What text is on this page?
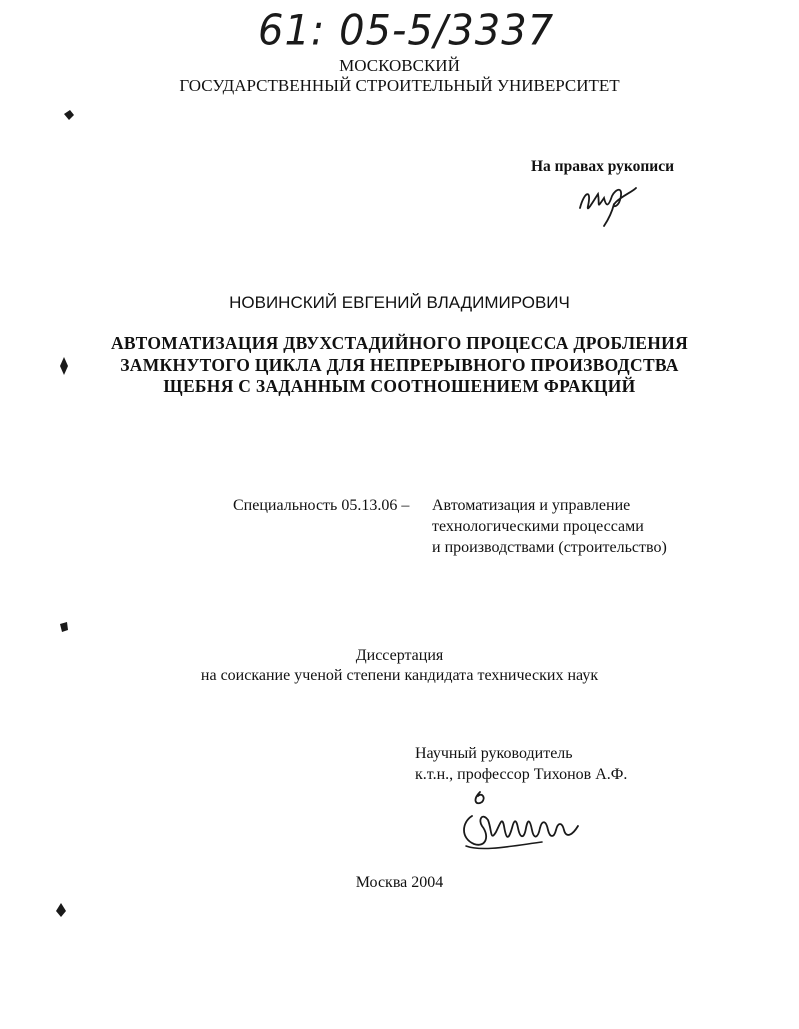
61: 05-5/3337
МОСКОВСКИЙ
ГОСУДАРСТВЕННЫЙ СТРОИТЕЛЬНЫЙ УНИВЕРСИТЕТ
На правах рукописи
НОВИНСКИЙ ЕВГЕНИЙ ВЛАДИМИРОВИЧ
АВТОМАТИЗАЦИЯ ДВУХСТАДИЙНОГО ПРОЦЕССА ДРОБЛЕНИЯ
ЗАМКНУТОГО ЦИКЛА ДЛЯ НЕПРЕРЫВНОГО ПРОИЗВОДСТВА
ЩЕБНЯ С ЗАДАННЫМ СООТНОШЕНИЕМ ФРАКЦИЙ
Специальность 05.13.06 – Автоматизация и управление
технологическими процессами
и производствами (строительство)
Диссертация
на соискание ученой степени кандидата технических наук
Научный руководитель
к.т.н., профессор Тихонов А.Ф.
Москва 2004
